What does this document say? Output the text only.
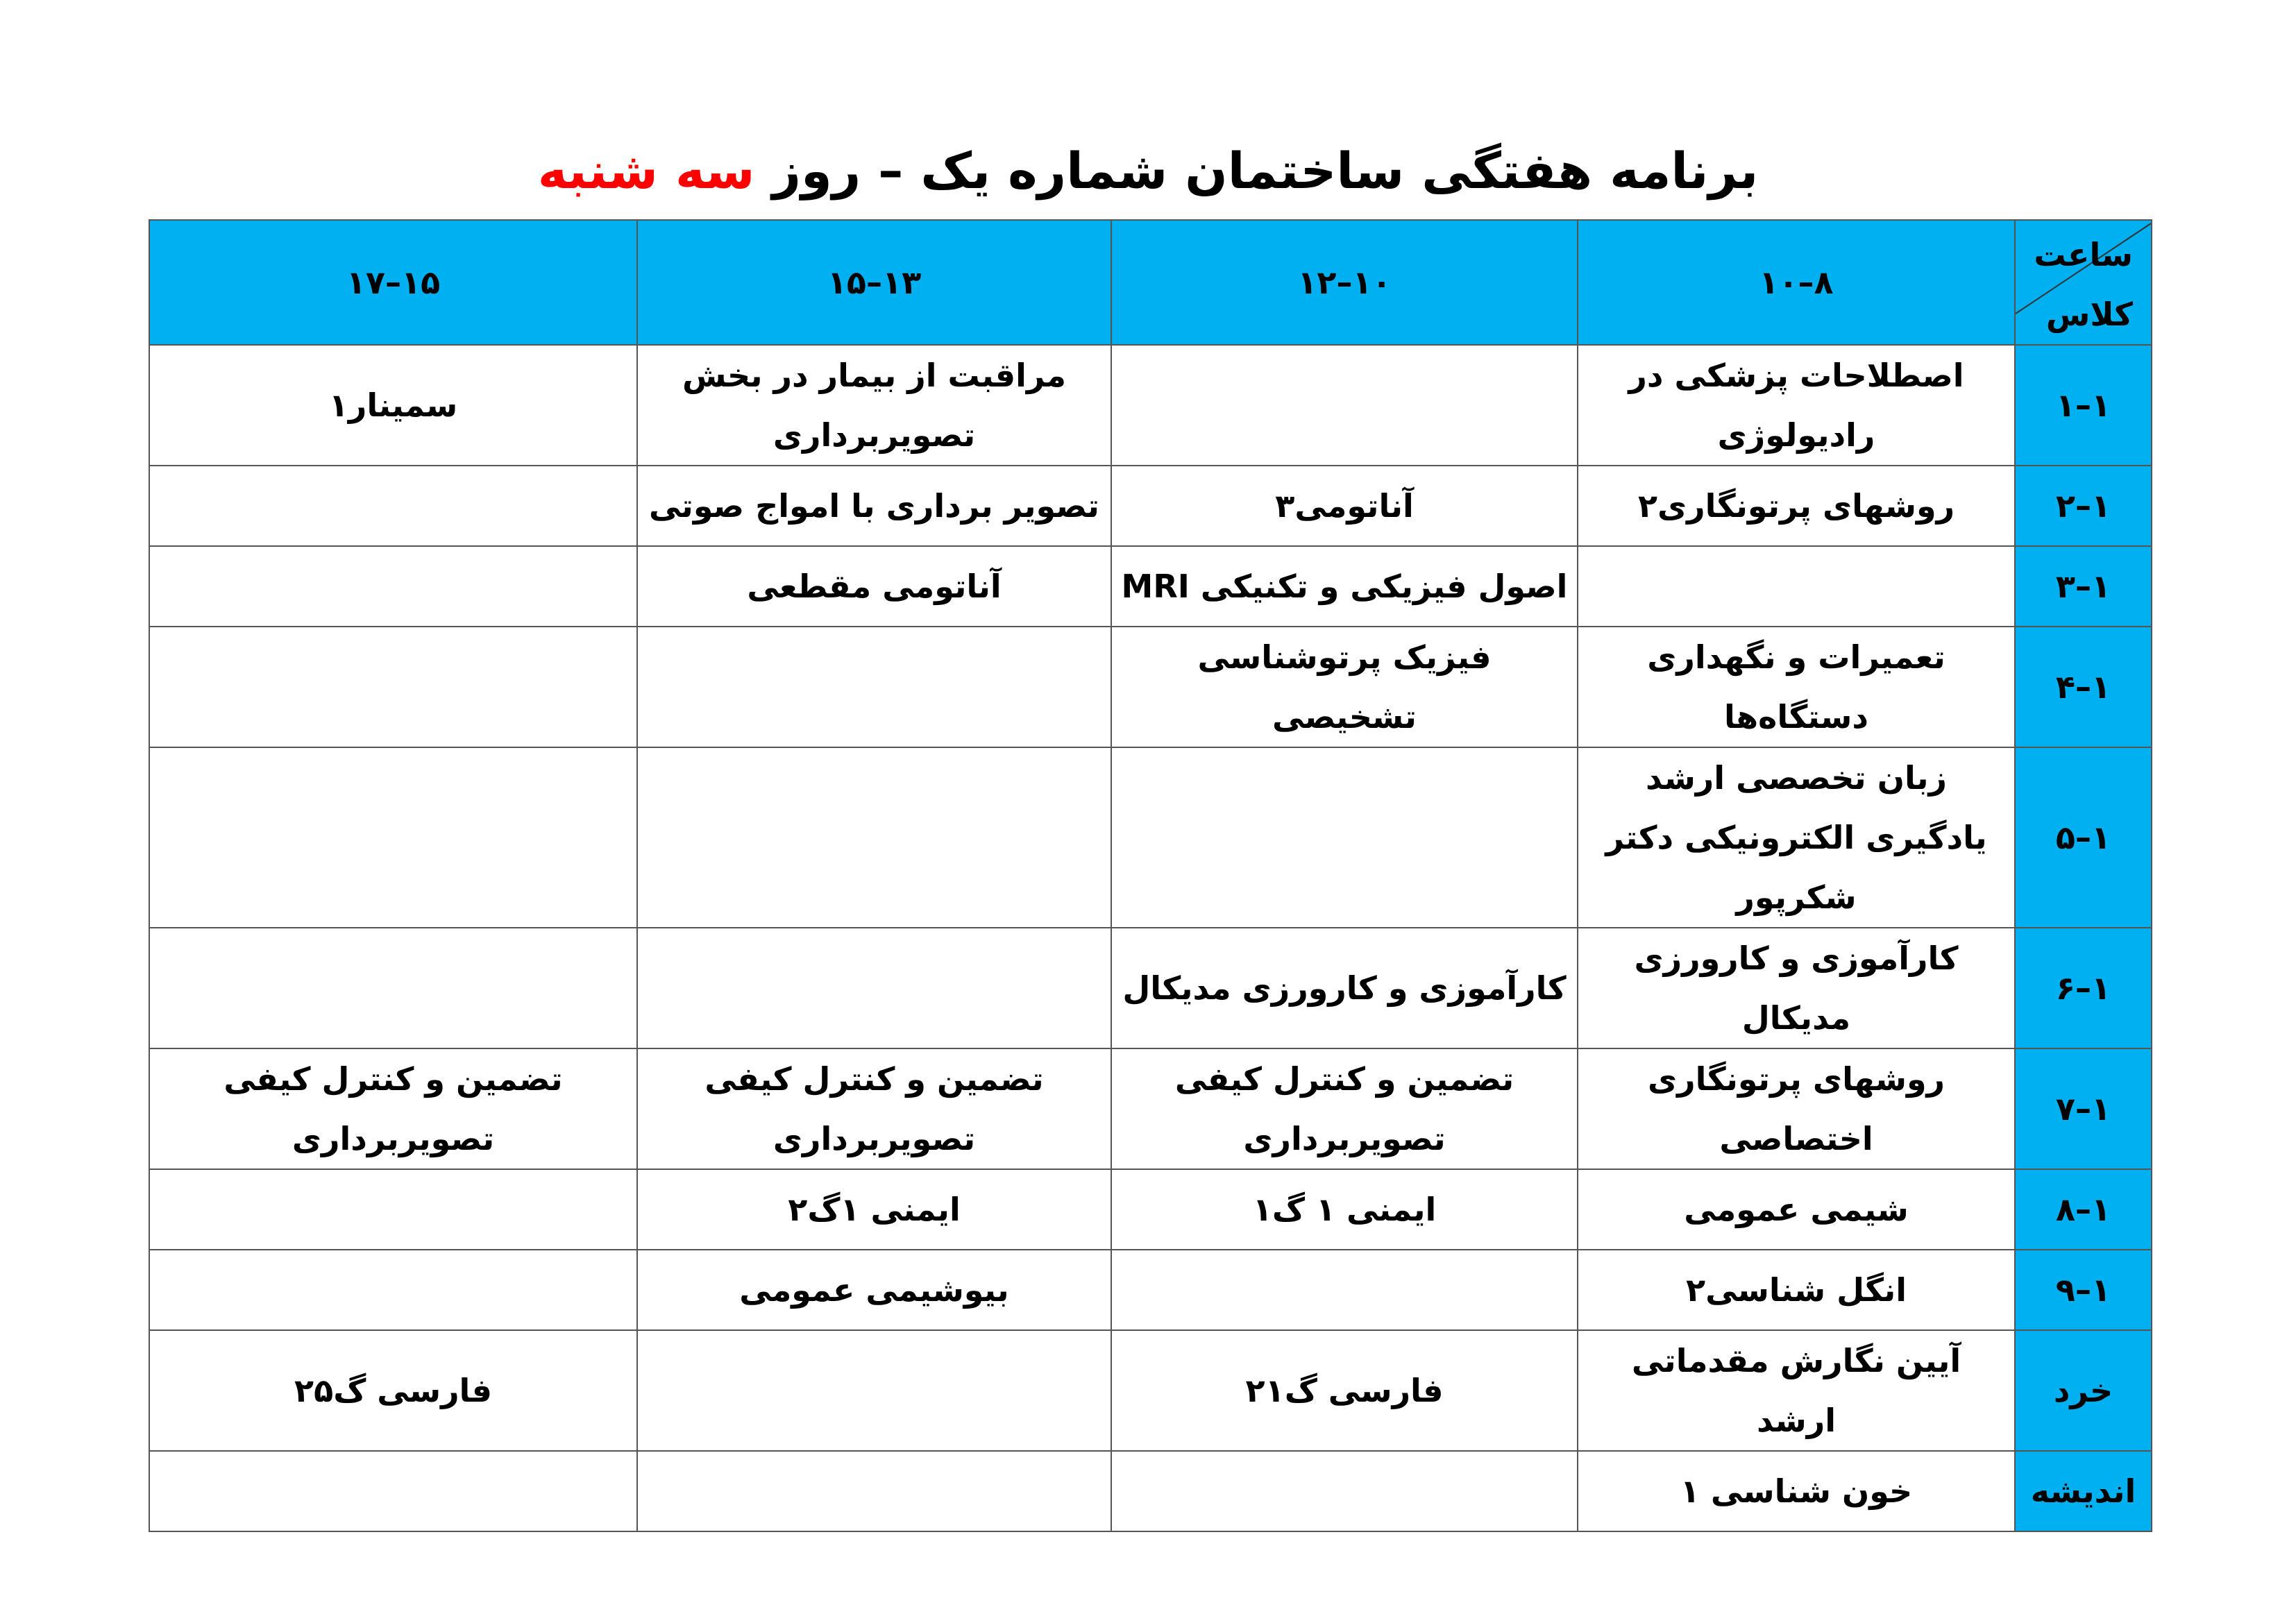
برنامه هفتگی ساختمان شماره یک – روز سه شنبه
ساعت
کلاس	۸–۱۰	۱۰–۱۲	۱۳–۱۵	۱۵–۱۷
۱–۱	اصطلاحات پزشکی در رادیولوژی		مراقبت از بیمار در بخش تصویربرداری	سمینار۱
۱–۲	روشهای پرتونگاری۲	آناتومی۳	تصویر برداری با امواج صوتی	
۱–۳		اصول فیزیکی و تکنیکی MRI	آناتومی مقطعی	
۱–۴	تعمیرات و نگهداری دستگاه‌ها	فیزیک پرتوشناسی تشخیصی		
۱–۵	زبان تخصصی ارشد یادگیری الکترونیکی دکتر شکرپور			
۱–۶	کارآموزی و کارورزی مدیکال	کارآموزی و کارورزی مدیکال		
۱–۷	روشهای پرتونگاری اختصاصی	تضمین و کنترل کیفی تصویربرداری	تضمین و کنترل کیفی تصویربرداری	تضمین و کنترل کیفی تصویربرداری
۱–۸	شیمی عمومی	ایمنی ۱ گ۱	ایمنی ۱گ۲	
۱–۹	انگل شناسی۲		بیوشیمی عمومی	
خرد	آیین نگارش مقدماتی ارشد	فارسی گ۲۱		فارسی گ۲۵
اندیشه	خون شناسی ۱			
